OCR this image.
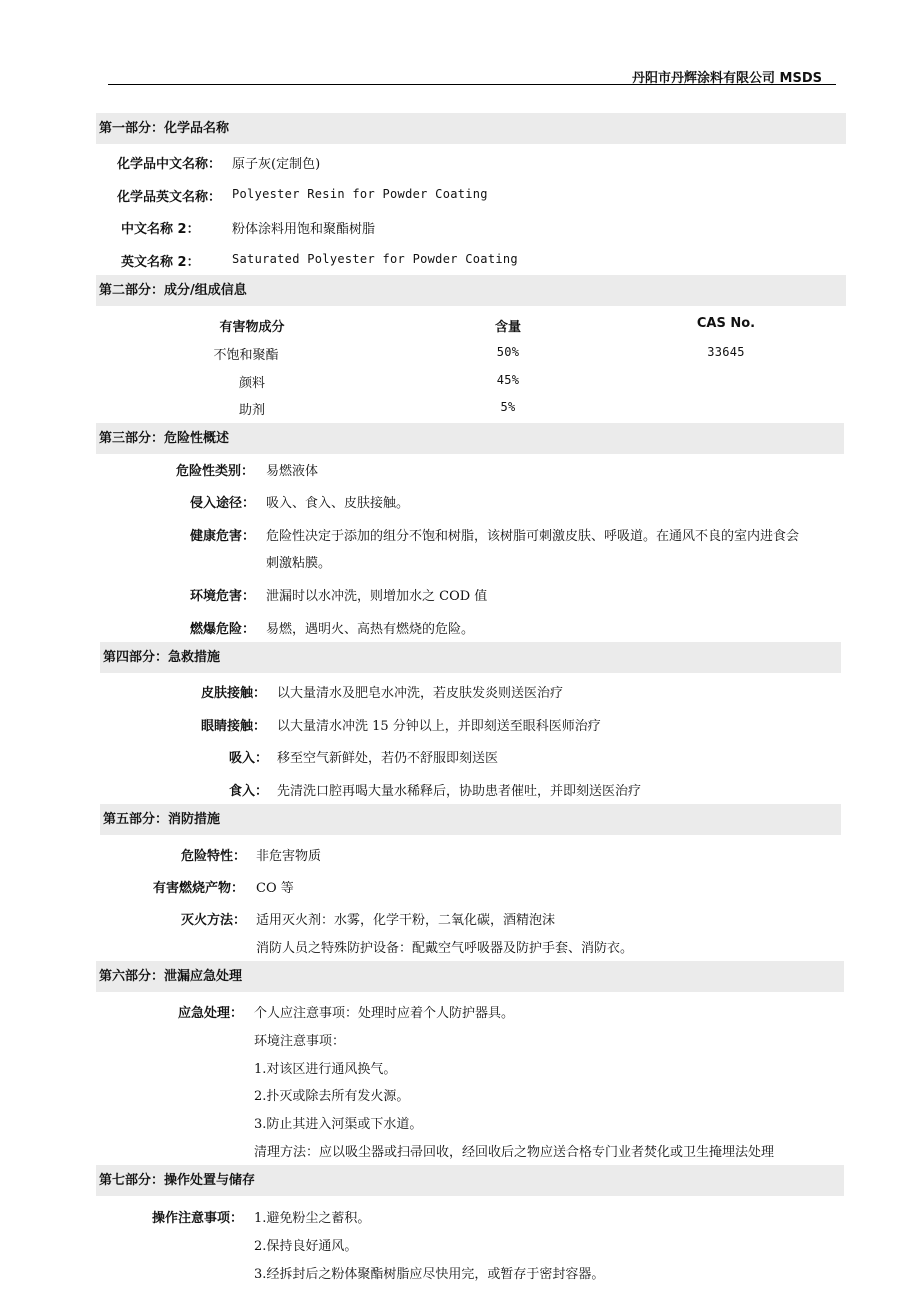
丹阳市丹辉涂料有限公司 MSDS
第一部分：化学品名称
化学品中文名称： 原子灰(定制色)
化学品英文名称： Polyester Resin for Powder Coating
中文名称 2： 粉体涂料用饱和聚酯树脂
英文名称 2：	Saturated Polyester for Powder Coating
第二部分：成分/组成信息
有害物成分	含量	CAS No.
不饱和聚酯	50%	33645
颜料	45%
助剂	5%
第三部分：危险性概述
危险性类别： 易燃液体
侵入途径： 吸入、食入、皮肤接触。
健康危害： 危险性决定于添加的组分不饱和树脂，该树脂可刺激皮肤、呼吸道。在通风不良的室内进食会
刺激粘膜。
环境危害： 泄漏时以水冲洗，则增加水之 COD 值
燃爆危险： 易燃，遇明火、高热有燃烧的危险。
第四部分：急救措施
皮肤接触： 以大量清水及肥皂水冲洗，若皮肤发炎则送医治疗
眼睛接触： 以大量清水冲洗 15 分钟以上，并即刻送至眼科医师治疗
吸入： 移至空气新鲜处，若仍不舒服即刻送医
食入： 先清洗口腔再喝大量水稀释后，协助患者催吐，并即刻送医治疗
第五部分：消防措施
危险特性： 非危害物质
有害燃烧产物： CO 等
灭火方法： 适用灭火剂：水雾，化学干粉，二氧化碳，酒精泡沫
消防人员之特殊防护设备：配戴空气呼吸器及防护手套、消防衣。
第六部分：泄漏应急处理
应急处理： 个人应注意事项：处理时应着个人防护器具。
环境注意事项：
1.对该区进行通风换气。
2.扑灭或除去所有发火源。
3.防止其进入河渠或下水道。
清理方法：应以吸尘器或扫帚回收，经回收后之物应送合格专门业者焚化或卫生掩埋法处理
第七部分：操作处置与储存
操作注意事项： 1.避免粉尘之蓄积。
2.保持良好通风。
3.经拆封后之粉体聚酯树脂应尽快用完，或暂存于密封容器。
